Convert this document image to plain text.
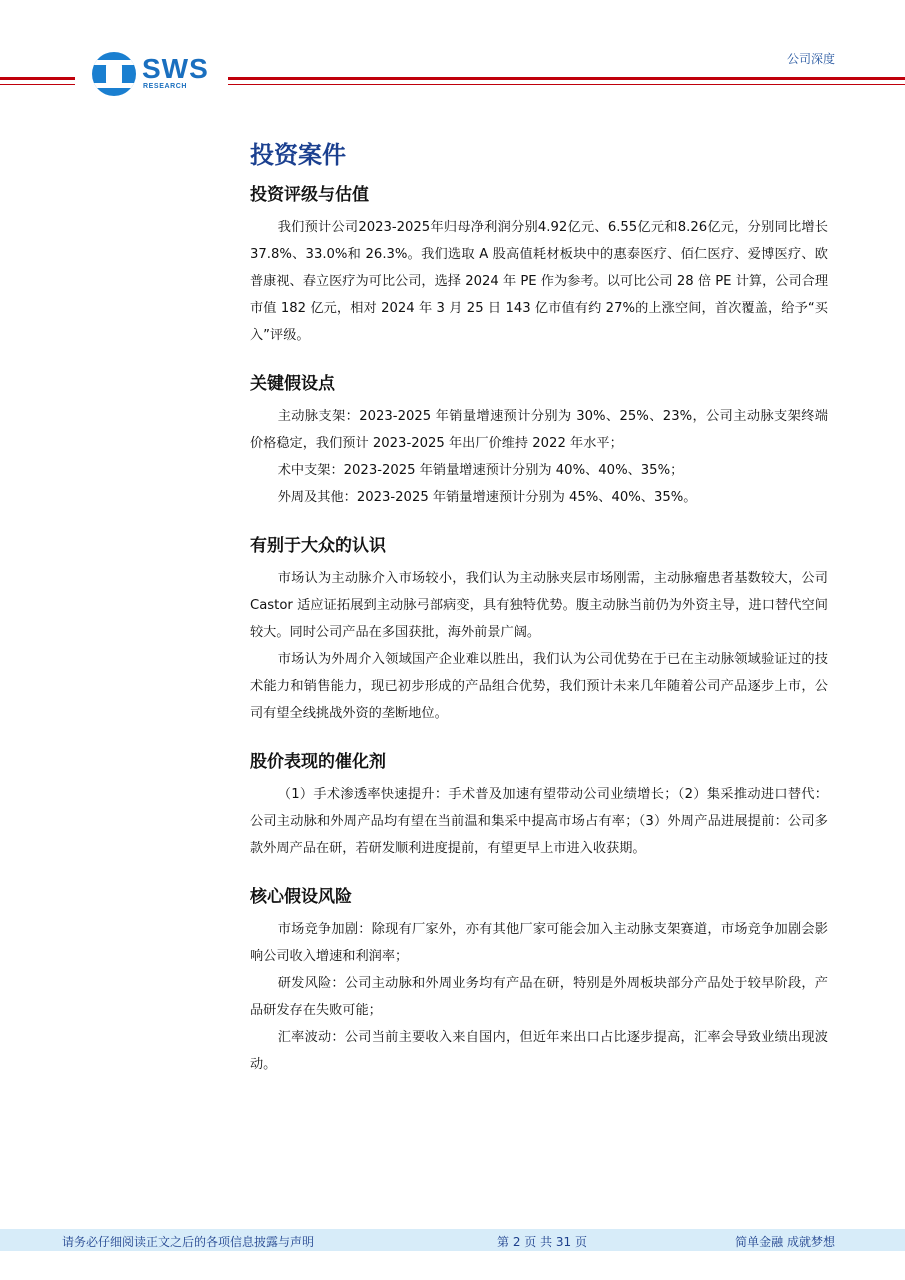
SWS
RESEARCH
公司深度
投资案件
投资评级与估值

我们预计公司2023-2025年归母净利润分别4.92亿元、6.55亿元和8.26亿元，分别同比增长 37.8%、33.0%和 26.3%。我们选取 A 股高值耗材板块中的惠泰医疗、佰仁医疗、爱博医疗、欧普康视、春立医疗为可比公司，选择 2024 年 PE 作为参考。以可比公司 28 倍 PE 计算，公司合理市值 182 亿元，相对 2024 年 3 月 25 日 143 亿市值有约 27%的上涨空间，首次覆盖，给予“买入”评级。

关键假设点

主动脉支架：2023-2025 年销量增速预计分别为 30%、25%、23%，公司主动脉支架终端价格稳定，我们预计 2023-2025 年出厂价维持 2022 年水平；

术中支架：2023-2025 年销量增速预计分别为 40%、40%、35%；

外周及其他：2023-2025 年销量增速预计分别为 45%、40%、35%。

有别于大众的认识

市场认为主动脉介入市场较小，我们认为主动脉夹层市场刚需，主动脉瘤患者基数较大，公司 Castor 适应证拓展到主动脉弓部病变，具有独特优势。腹主动脉当前仍为外资主导，进口替代空间较大。同时公司产品在多国获批，海外前景广阔。

市场认为外周介入领域国产企业难以胜出，我们认为公司优势在于已在主动脉领域验证过的技术能力和销售能力，现已初步形成的产品组合优势，我们预计未来几年随着公司产品逐步上市，公司有望全线挑战外资的垄断地位。

股价表现的催化剂

（1）手术渗透率快速提升：手术普及加速有望带动公司业绩增长；（2）集采推动进口替代：公司主动脉和外周产品均有望在当前温和集采中提高市场占有率；（3）外周产品进展提前：公司多款外周产品在研，若研发顺利进度提前，有望更早上市进入收获期。

核心假设风险

市场竞争加剧：除现有厂家外，亦有其他厂家可能会加入主动脉支架赛道，市场竞争加剧会影响公司收入增速和利润率；

研发风险：公司主动脉和外周业务均有产品在研，特别是外周板块部分产品处于较早阶段，产品研发存在失败可能；

汇率波动：公司当前主要收入来自国内，但近年来出口占比逐步提高，汇率会导致业绩出现波动。

请务必仔细阅读正文之后的各项信息披露与声明	第 2 页 共 31 页	简单金融 成就梦想
